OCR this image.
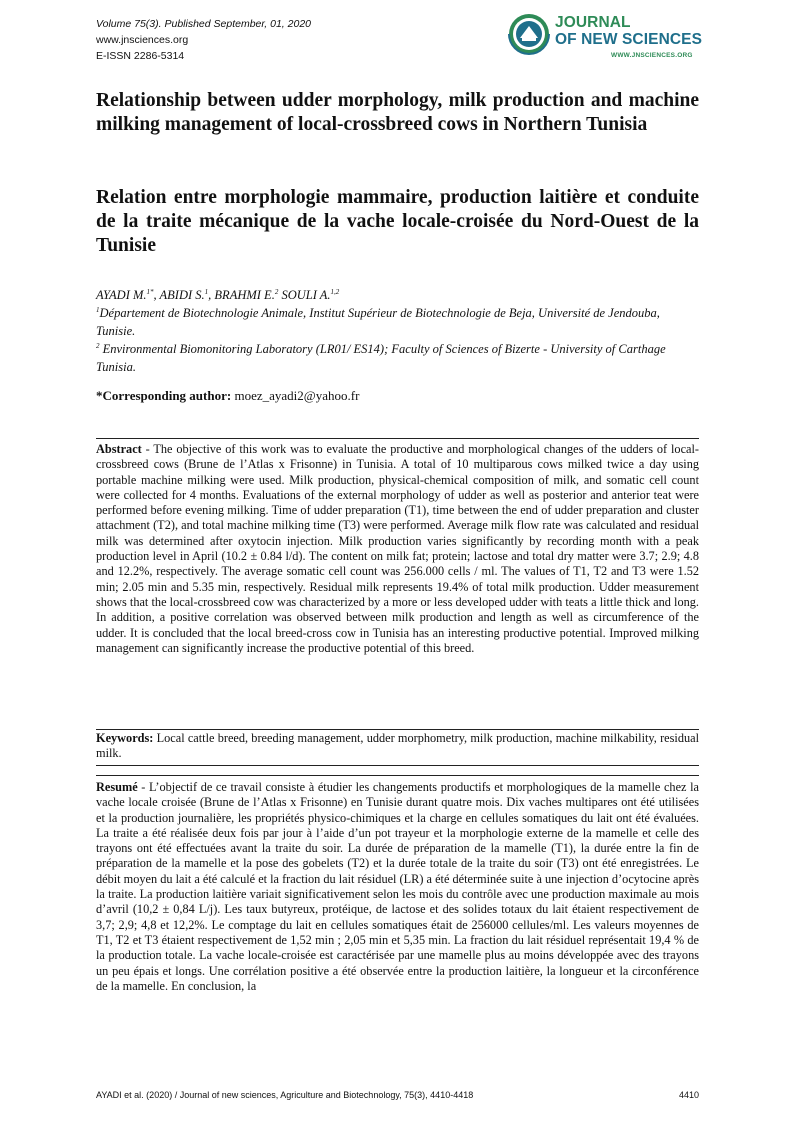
Volume 75(3). Published September, 01, 2020
www.jnsciences.org
E-ISSN 2286-5314
JOURNAL
OF NEW SCIENCES
WWW.JNSCIENCES.ORG
Relationship between udder morphology, milk production and machine milking management of local-crossbreed cows in Northern Tunisia
Relation entre morphologie mammaire, production laitière et conduite de la traite mécanique de la vache locale-croisée du Nord-Ouest de la Tunisie

AYADI M.$^{1*}$, ABIDI S.$^1$, BRAHMI E.$^2$ SOULI A.$^{1,2}$

$^1$Département de Biotechnologie Animale, Institut Supérieur de Biotechnologie de Beja, Université de Jendouba, Tunisie.

$^2$ Environmental Biomonitoring Laboratory (LR01/ ES14); Faculty of Sciences of Bizerte - University of Carthage Tunisia.

*Corresponding author: moez_ayadi2@yahoo.fr

Abstract - The objective of this work was to evaluate the productive and morphological changes of the udders of local-crossbreed cows (Brune de l’Atlas x Frisonne) in Tunisia. A total of 10 multiparous cows milked twice a day using portable machine milking were used. Milk production, physical-chemical composition of milk, and somatic cell count were collected for 4 months. Evaluations of the external morphology of udder as well as posterior and anterior teat were performed before evening milking. Time of udder preparation (T1), time between the end of udder preparation and cluster attachment (T2), and total machine milking time (T3) were performed. Average milk flow rate was calculated and residual milk was determined after oxytocin injection. Milk production varies significantly by recording month with a peak production level in April (10.2 ± 0.84 l/d). The content on milk fat; protein; lactose and total dry matter were 3.7; 2.9; 4.8 and 12.2%, respectively. The average somatic cell count was 256.000 cells / ml. The values of T1, T2 and T3 were 1.52 min; 2.05 min and 5.35 min, respectively. Residual milk represents 19.4% of total milk production. Udder measurement shows that the local-crossbreed cow was characterized by a more or less developed udder with teats a little thick and long. In addition, a positive correlation was observed between milk production and length as well as circumference of the udder. It is concluded that the local breed-cross cow in Tunisia has an interesting productive potential. Improved milking management can significantly increase the productive potential of this breed.

Keywords: Local cattle breed, breeding management, udder morphometry, milk production, machine milkability, residual milk.

Resumé - L’objectif de ce travail consiste à étudier les changements productifs et morphologiques de la mamelle chez la vache locale croisée (Brune de l’Atlas x Frisonne) en Tunisie durant quatre mois. Dix vaches multipares ont été utilisées et la production journalière, les propriétés physico-chimiques et la charge en cellules somatiques du lait ont été évaluées. La traite a été réalisée deux fois par jour à l’aide d’un pot trayeur et la morphologie externe de la mamelle et celle des trayons ont été effectuées avant la traite du soir. La durée de préparation de la mamelle (T1), la durée entre la fin de préparation de la mamelle et la pose des gobelets (T2) et la durée totale de la traite du soir (T3) ont été enregistrées. Le débit moyen du lait a été calculé et la fraction du lait résiduel (LR) a été déterminée suite à une injection d’ocytocine après la traite. La production laitière variait significativement selon les mois du contrôle avec une production maximale au mois d’avril (10,2 ± 0,84 L/j). Les taux butyreux, protéique, de lactose et des solides totaux du lait étaient respectivement de 3,7; 2,9; 4,8 et 12,2%. Le comptage du lait en cellules somatiques était de 256000 cellules/ml. Les valeurs moyennes de T1, T2 et T3 étaient respectivement de 1,52 min ; 2,05 min et 5,35 min. La fraction du lait résiduel représentait 19,4 % de la production totale. La vache locale-croisée est caractérisée par une mamelle plus au moins développée avec des trayons un peu épais et longs. Une corrélation positive a été observée entre la production laitière, la longueur et la circonférence de la mamelle. En conclusion, la

AYADI et al. (2020) / Journal of new sciences, Agriculture and Biotechnology, 75(3), 4410-4418	4410
